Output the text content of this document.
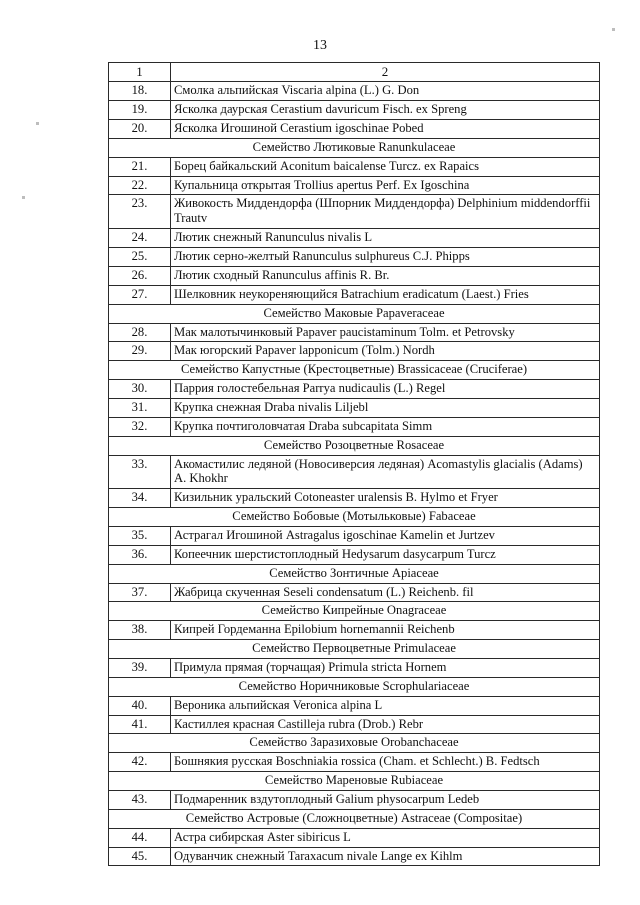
13
1	2
18.	Смолка альпийская Viscaria alpina (L.) G. Don
19.	Ясколка даурская Cerastium davuricum Fisch. ex Spreng
20.	Ясколка Игошиной Cerastium igoschinae Pobed
Семейство Лютиковые Ranunkulaceae	
21.	Борец байкальский Aconitum baicalense Turcz. ex Rapaics
22.	Купальница открытая Trollius apertus Perf. Ex Igoschina
23.	Живокость Миддендорфа (Шпорник Миддендорфа) Delphinium middendorffii Trautv
24.	Лютик снежный Ranunculus nivalis L
25.	Лютик серно-желтый Ranunculus sulphureus C.J. Phipps
26.	Лютик сходный Ranunculus affinis R. Br.
27.	Шелковник неукореняющийся Batrachium eradicatum (Laest.) Fries
Семейство Маковые Papaveraceae	
28.	Мак малотычинковый Papaver paucistaminum Tolm. et Petrovsky
29.	Мак югорский Papaver lapponicum (Tolm.) Nordh
Семейство Капустные (Крестоцветные) Brassicaceae (Cruciferae)	
30.	Паррия голостебельная Parrya nudicaulis (L.) Regel
31.	Крупка снежная Draba nivalis Liljebl
32.	Крупка почтиголовчатая Draba subcapitata Simm
Семейство Розоцветные Rosaceae	
33.	Акомастилис ледяной (Новосиверсия ледяная) Acomastylis glacialis (Adams) A. Khokhr
34.	Кизильник уральский Cotoneaster uralensis B. Hylmo et Fryer
Семейство Бобовые (Мотыльковые) Fabaceae	
35.	Астрагал Игошиной Astragalus igoschinae Kamelin et Jurtzev
36.	Копеечник шерстистоплодный Hedysarum dasycarpum Turcz
Семейство Зонтичные Apiaceae	
37.	Жабрица скученная Seseli condensatum (L.) Reichenb. fil
Семейство Кипрейные Onagraceae	
38.	Кипрей Гордеманна Epilobium hornemannii Reichenb
Семейство Первоцветные Primulaceae	
39.	Примула прямая (торчащая) Primula stricta Hornem
Семейство Норичниковые Scrophulariaceae	
40.	Вероника альпийская Veronica alpina L
41.	Кастиллея красная Castilleja rubra (Drob.) Rebr
Семейство Заразиховые Orobanchaceae	
42.	Бошнякия русская Boschniakia rossica (Cham. et Schlecht.) B. Fedtsch
Семейство Мареновые Rubiaceae	
43.	Подмаренник вздутоплодный Galium physocarpum Ledeb
Семейство Астровые (Сложноцветные) Astraceae (Compositae)	
44.	Астра сибирская Aster sibiricus L
45.	Одуванчик снежный Taraxacum nivale Lange ex Kihlm
